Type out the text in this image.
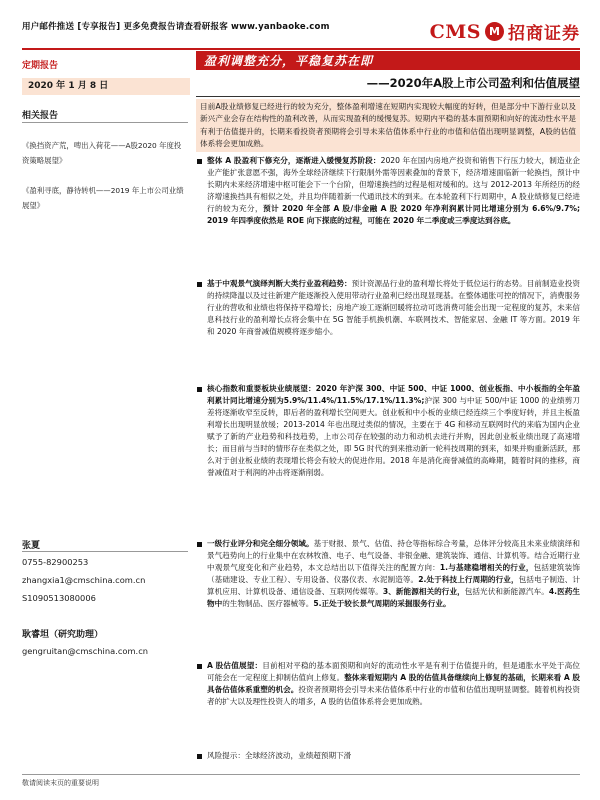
用户邮件推送 [专享报告] 更多免费报告请查看研报客 www.yanbaoke.com	CMS M 招商证券
定期报告
2020 年 1 月 8 日
相关报告
《换挡资产荒，啤出入荷花——A股2020 年度投资策略展望》
《盈利寻底，静待转机——2019 年上市公司业绩展望》
张夏
0755-82900253
zhangxia1@cmschina.com.cn
S1090513080006
耿睿坦（研究助理）
gengruitan@cmschina.com.cn
盈利调整充分，平稳复苏在即
——2020年A股上市公司盈利和估值展望
目前A股业绩修复已经进行的较为充分，整体盈利增速在短期内实现较大幅度的好转，但是部分中下游行业以及新兴产业会存在结构性的盈利改善，从而实现盈利的缓慢复苏。短期内平稳的基本面预期和向好的流动性水平是有利于估值提升的，长期来看投资者预期将会引导未来估值体系中行业的市值和估值出现明显调整，A股的估值体系将会更加成熟。
整体 A 股盈利下修充分，逐渐进入缓慢复苏阶段：2020 年在国内房地产投资和销售下行压力较大，制造业企业产能扩张意愿不强，海外全球经济继续下行限制外需等因素叠加的背景下，经济增速面临新一轮换挡，预计中长期内未来经济增速中枢可能会下一个台阶，但增速换挡的过程是相对缓和的。这与 2012-2013 年所经历的经济增速换挡具有相似之处，并且均伴随着新一代通讯技术的到来。在本轮盈利下行周期中，A 股业绩修复已经进行的较为充分，预计 2020 年全部 A 股/非金融 A 股 2020 年净利润累计同比增速分别为 6.6%/9.7%; 2019 年四季度依然是 ROE 向下探底的过程，可能在 2020 年二季度或三季度达到谷底。
基于中观景气演绎判断大类行业盈利趋势：预计资源品行业的盈利增长将处于低位运行的态势。目前制造业投资的持续降温以及过往新建产能逐渐投入使用带动行业盈利已经出现显现基。在整体通胀可控的情况下，消费服务行业的营收和业绩也将保持平稳增长；房地产竣工逐渐回暖将拉动可选消费可能会出现一定程度的复苏，未来信息科技行业的盈利增长点将会集中在 5G 智能手机换机潮、车联网技术、智能家居、金融 IT 等方面。2019 年和 2020 年商誉减值规模将逐步缩小。
核心指数和重要板块业绩展望：2020 年沪深 300、中证 500、中证 1000、创业板指、中小板指的全年盈利累计同比增速分别为5.9%/11.4%/11.5%/17.1%/11.3%;沪深 300 与中证 500/中证 1000 的业绩剪刀差将逐渐收窄至反转，即后者的盈利增长空间更大。创业板和中小板的业绩已经连续三个季度好转，并且主板盈利增长出现明显放缓；2013-2014 年也出现过类似的情况，主要在于 4G 和移动互联网时代的来临为国内企业赋予了新的产业趋势和科技趋势，上市公司存在较强的动力和动机去进行并购，因此创业板业绩出现了高速增长；而目前与当时的情形存在类似之处，即 5G 时代的到来推动新一轮科技周期的到来，如果并购重新活跃，那么对于创业板业绩的表现增长将会有较大的促进作用。2018 年是消化商誉减值的高峰期，随着时间的推移，商誉减值对于利润的冲击将逐渐削弱。
一级行业评分和完全细分领域。基于财报、景气、估值、持仓等指标综合考量，总体评分较高且未来业绩演绎和景气趋势向上的行业集中在农林牧渔、电子、电气设备、非银金融、建筑装饰、通信、计算机等。结合近期行业中观景气度变化和产业趋势，本文总结出以下值得关注的配置方向：1.与基建稳增相关的行业，包括建筑装饰（基础建设、专业工程）、专用设备、仪器仪表、水泥制造等。2.处于科技上行周期的行业，包括电子制造、计算机应用、计算机设备、通信设备、互联网传媒等。3、新能源相关的行业，包括光伏和新能源汽车。4.医药生物中的生物制品、医疗器械等。5.正处于较长景气周期的采掘服务行业。
A 股估值展望：目前相对平稳的基本面预期和向好的流动性水平是有利于估值提升的，但是通胀水平处于高位可能会在一定程度上抑制估值向上修复。整体来看短期内 A 股的估值具备继续向上修复的基础，长期来看 A 股具备估值体系重塑的机会。投资者预期将会引导未来估值体系中行业的市值和估值出现明显调整。随着机构投资者的扩大以及理性投资人的增多，A 股的估值体系将会更加成熟。
风险提示：全球经济波动，业绩超预期下滑
敬请阅读末页的重要说明
